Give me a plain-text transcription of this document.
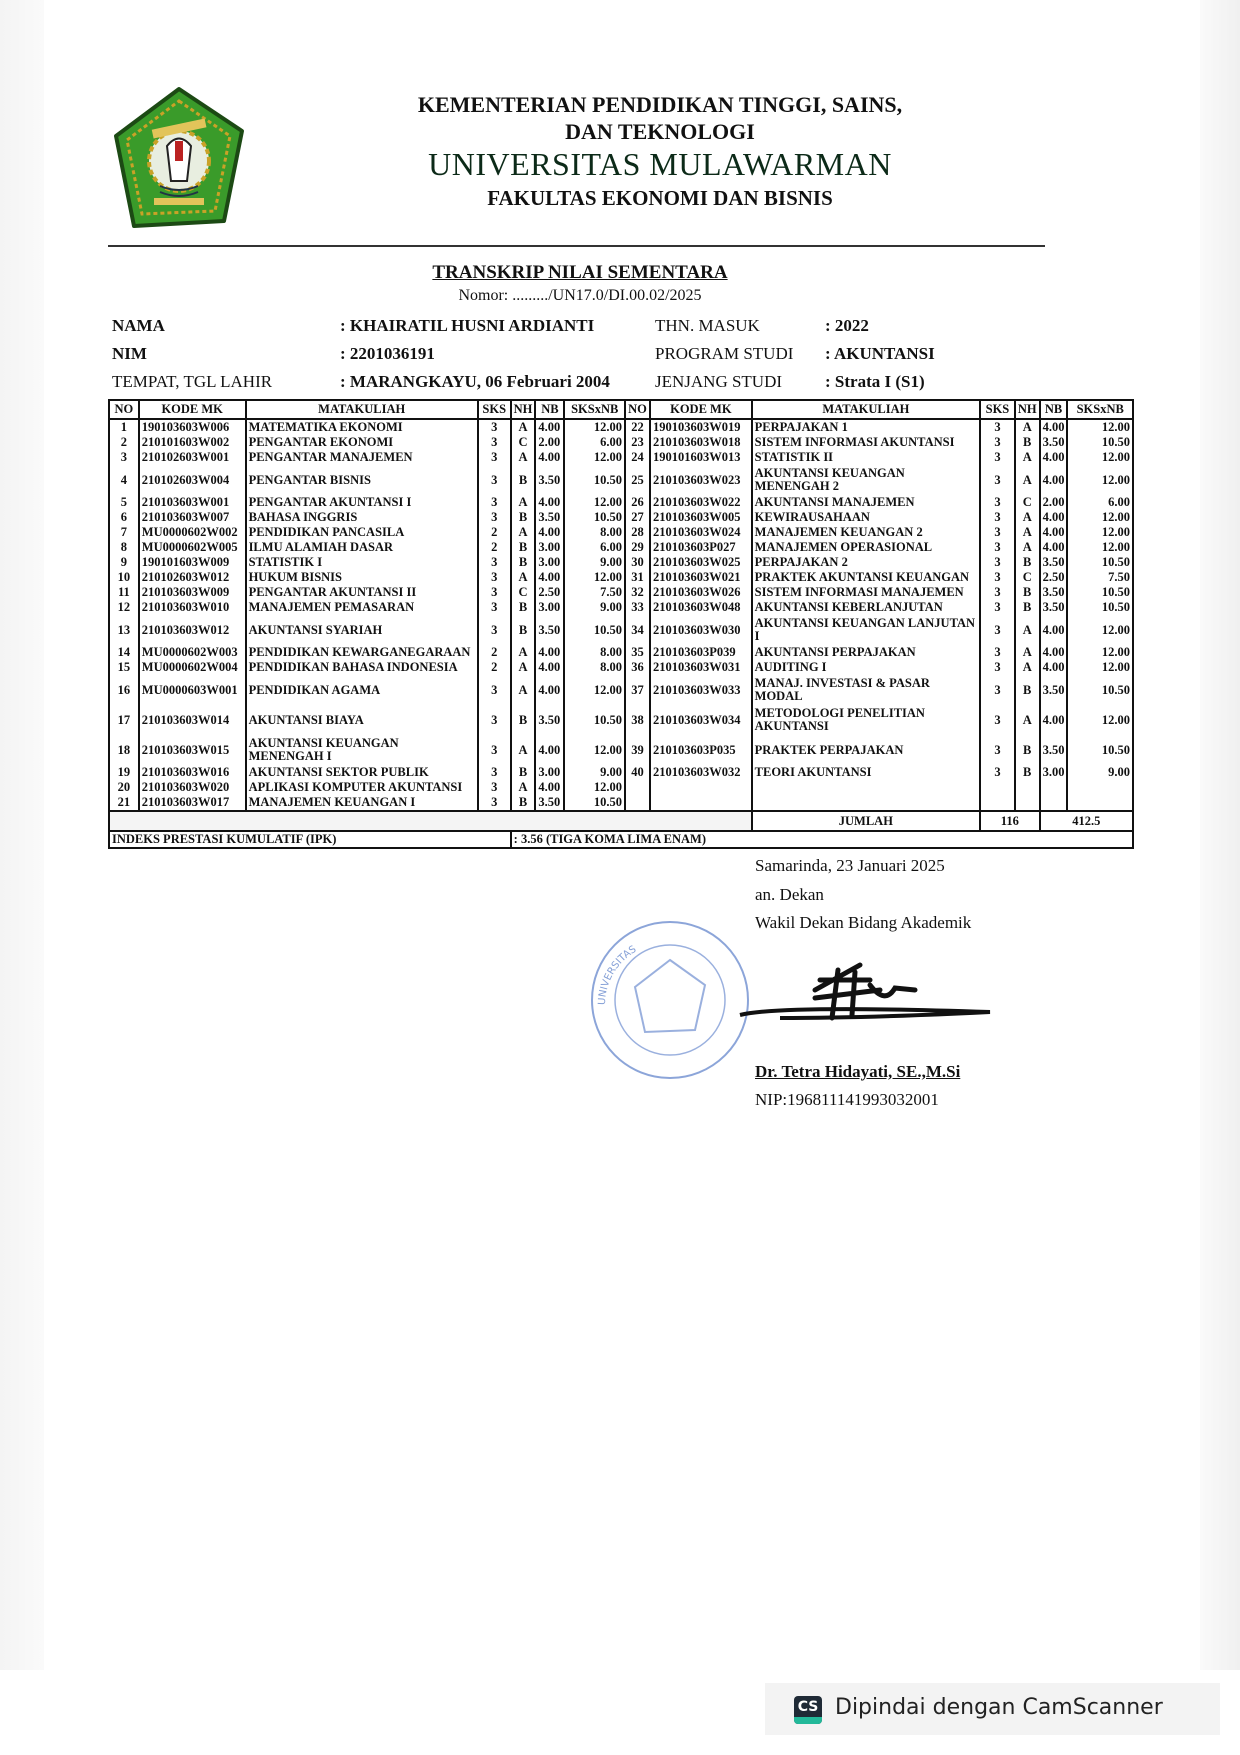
KEMENTERIAN PENDIDIKAN TINGGI, SAINS,
DAN TEKNOLOGI
UNIVERSITAS MULAWARMAN
FAKULTAS EKONOMI DAN BISNIS
TRANSKRIP NILAI SEMENTARA
Nomor: ........./UN17.0/DI.00.02/2025
NAMA	: KHAIRATIL HUSNI ARDIANTI
NIM	: 2201036191
TEMPAT, TGL LAHIR	: MARANGKAYU, 06 Februari 2004
THN. MASUK	: 2022
PROGRAM STUDI : AKUNTANSI
JENJANG STUDI	: Strata I (S1)
NO	KODE MK	MATAKULIAH	SKS	NH	NB	SKSxNB	NO	KODE MK	MATAKULIAH	SKS	NH	NB	SKSxNB
1	190103603W006	MATEMATIKA EKONOMI	3	A	4.00	12.00	22	190103603W019	PERPAJAKAN 1	3	A	4.00	12.00
2	210101603W002	PENGANTAR EKONOMI	3	C	2.00	6.00	23	210103603W018	SISTEM INFORMASI AKUNTANSI	3	B	3.50	10.50
3	210102603W001	PENGANTAR MANAJEMEN	3	A	4.00	12.00	24	190101603W013	STATISTIK II	3	A	4.00	12.00
4	210102603W004	PENGANTAR BISNIS	3	B	3.50	10.50	25	210103603W023	AKUNTANSI KEUANGAN MENENGAH 2	3	A	4.00	12.00
5	210103603W001	PENGANTAR AKUNTANSI I	3	A	4.00	12.00	26	210103603W022	AKUNTANSI MANAJEMEN	3	C	2.00	6.00
6	210103603W007	BAHASA INGGRIS	3	B	3.50	10.50	27	210103603W005	KEWIRAUSAHAAN	3	A	4.00	12.00
7	MU0000602W002	PENDIDIKAN PANCASILA	2	A	4.00	8.00	28	210103603W024	MANAJEMEN KEUANGAN 2	3	A	4.00	12.00
8	MU0000602W005	ILMU ALAMIAH DASAR	2	B	3.00	6.00	29	210103603P027	MANAJEMEN OPERASIONAL	3	A	4.00	12.00
9	190101603W009	STATISTIK I	3	B	3.00	9.00	30	210103603W025	PERPAJAKAN 2	3	B	3.50	10.50
10	210102603W012	HUKUM BISNIS	3	A	4.00	12.00	31	210103603W021	PRAKTEK AKUNTANSI KEUANGAN	3	C	2.50	7.50
11	210103603W009	PENGANTAR AKUNTANSI II	3	C	2.50	7.50	32	210103603W026	SISTEM INFORMASI MANAJEMEN	3	B	3.50	10.50
12	210103603W010	MANAJEMEN PEMASARAN	3	B	3.00	9.00	33	210103603W048	AKUNTANSI KEBERLANJUTAN	3	B	3.50	10.50
13	210103603W012	AKUNTANSI SYARIAH	3	B	3.50	10.50	34	210103603W030	AKUNTANSI KEUANGAN LANJUTAN I	3	A	4.00	12.00
14	MU0000602W003	PENDIDIKAN KEWARGANEGARAAN	2	A	4.00	8.00	35	210103603P039	AKUNTANSI PERPAJAKAN	3	A	4.00	12.00
15	MU0000602W004	PENDIDIKAN BAHASA INDONESIA	2	A	4.00	8.00	36	210103603W031	AUDITING I	3	A	4.00	12.00
16	MU0000603W001	PENDIDIKAN AGAMA	3	A	4.00	12.00	37	210103603W033	MANAJ. INVESTASI & PASAR MODAL	3	B	3.50	10.50
17	210103603W014	AKUNTANSI BIAYA	3	B	3.50	10.50	38	210103603W034	METODOLOGI PENELITIAN AKUNTANSI	3	A	4.00	12.00
18	210103603W015	AKUNTANSI KEUANGAN MENENGAH I	3	A	4.00	12.00	39	210103603P035	PRAKTEK PERPAJAKAN	3	B	3.50	10.50
19	210103603W016	AKUNTANSI SEKTOR PUBLIK	3	B	3.00	9.00	40	210103603W032	TEORI AKUNTANSI	3	B	3.00	9.00
20	210103603W020	APLIKASI KOMPUTER AKUNTANSI	3	A	4.00	12.00							
21	210103603W017	MANAJEMEN KEUANGAN I	3	B	3.50	10.50							
									JUMLAH	116		412.5	
INDEKS PRESTASI KUMULATIF (IPK)				: 3.56 (TIGA KOMA LIMA ENAM)									
UNIVERSITAS
Samarinda, 23 Januari 2025
an. Dekan
Wakil Dekan Bidang Akademik
Dr. Tetra Hidayati, SE.,M.Si
NIP:196811141993032001
CS Dipindai dengan CamScanner
